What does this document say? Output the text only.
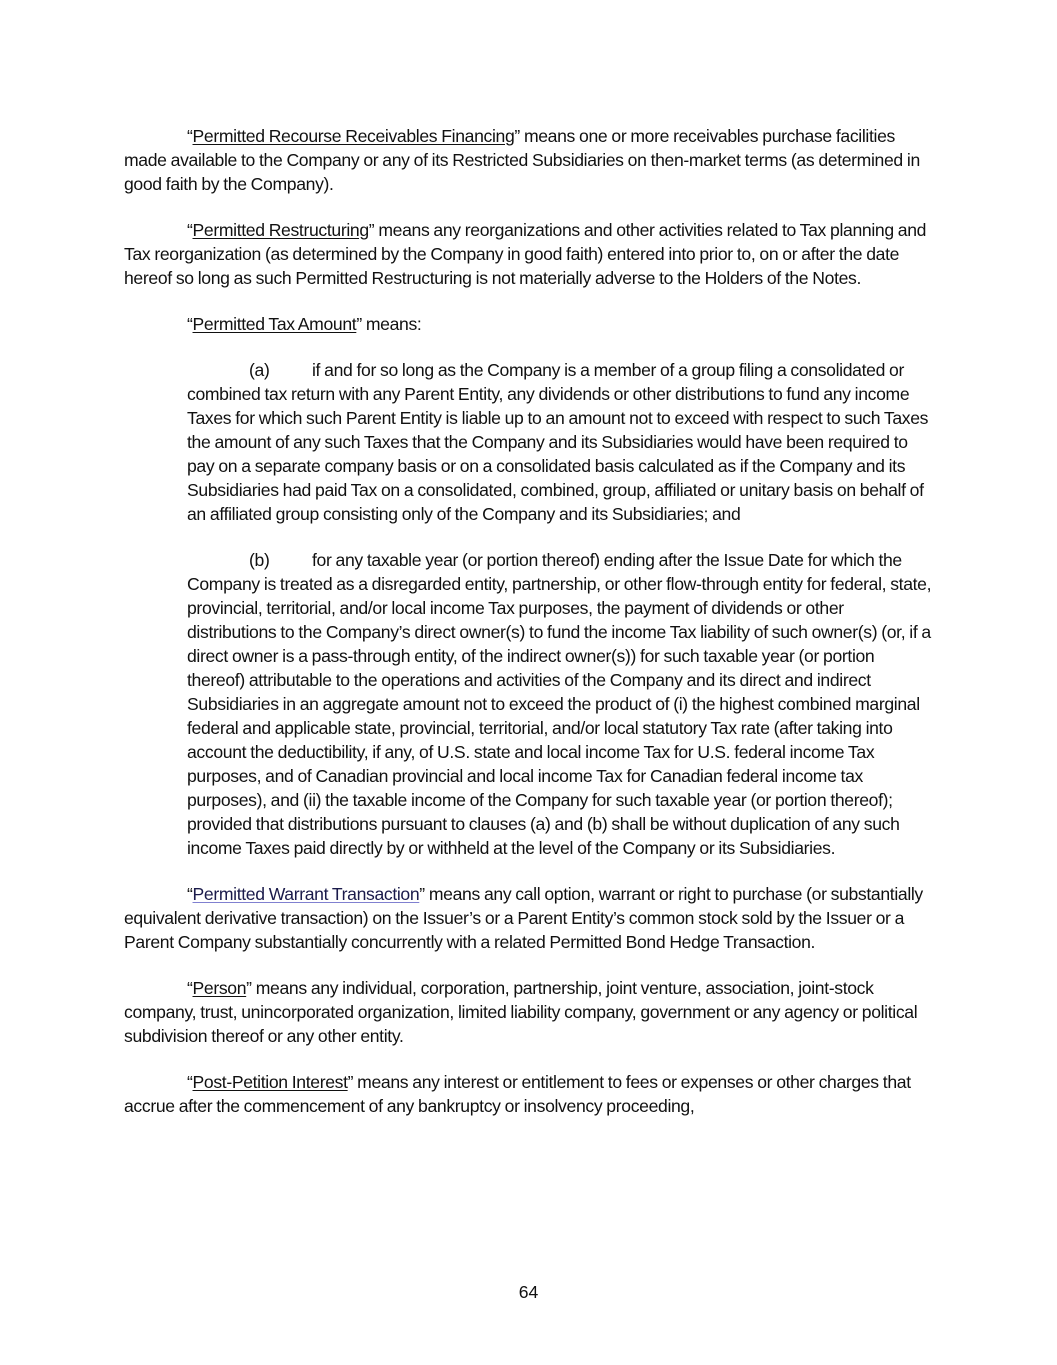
“Permitted Recourse Receivables Financing” means one or more receivables purchase facilities made available to the Company or any of its Restricted Subsidiaries on then-market terms (as determined in good faith by the Company).

“Permitted Restructuring” means any reorganizations and other activities related to Tax planning and Tax reorganization (as determined by the Company in good faith) entered into prior to, on or after the date hereof so long as such Permitted Restructuring is not materially adverse to the Holders of the Notes.

“Permitted Tax Amount” means:

(a) if and for so long as the Company is a member of a group filing a consolidated or combined tax return with any Parent Entity, any dividends or other distributions to fund any income Taxes for which such Parent Entity is liable up to an amount not to exceed with respect to such Taxes the amount of any such Taxes that the Company and its Subsidiaries would have been required to pay on a separate company basis or on a consolidated basis calculated as if the Company and its Subsidiaries had paid Tax on a consolidated, combined, group, affiliated or unitary basis on behalf of an affiliated group consisting only of the Company and its Subsidiaries; and

(b) for any taxable year (or portion thereof) ending after the Issue Date for which the Company is treated as a disregarded entity, partnership, or other flow-through entity for federal, state, provincial, territorial, and/or local income Tax purposes, the payment of dividends or other distributions to the Company’s direct owner(s) to fund the income Tax liability of such owner(s) (or, if a direct owner is a pass-through entity, of the indirect owner(s)) for such taxable year (or portion thereof) attributable to the operations and activities of the Company and its direct and indirect Subsidiaries in an aggregate amount not to exceed the product of (i) the highest combined marginal federal and applicable state, provincial, territorial, and/or local statutory Tax rate (after taking into account the deductibility, if any, of U.S. state and local income Tax for U.S. federal income Tax purposes, and of Canadian provincial and local income Tax for Canadian federal income tax purposes), and (ii) the taxable income of the Company for such taxable year (or portion thereof); provided that distributions pursuant to clauses (a) and (b) shall be without duplication of any such income Taxes paid directly by or withheld at the level of the Company or its Subsidiaries.

“Permitted Warrant Transaction” means any call option, warrant or right to purchase (or substantially equivalent derivative transaction) on the Issuer’s or a Parent Entity’s common stock sold by the Issuer or a Parent Company substantially concurrently with a related Permitted Bond Hedge Transaction.

“Person” means any individual, corporation, partnership, joint venture, association, joint-stock company, trust, unincorporated organization, limited liability company, government or any agency or political subdivision thereof or any other entity.

“Post-Petition Interest” means any interest or entitlement to fees or expenses or other charges that accrue after the commencement of any bankruptcy or insolvency proceeding,

64
